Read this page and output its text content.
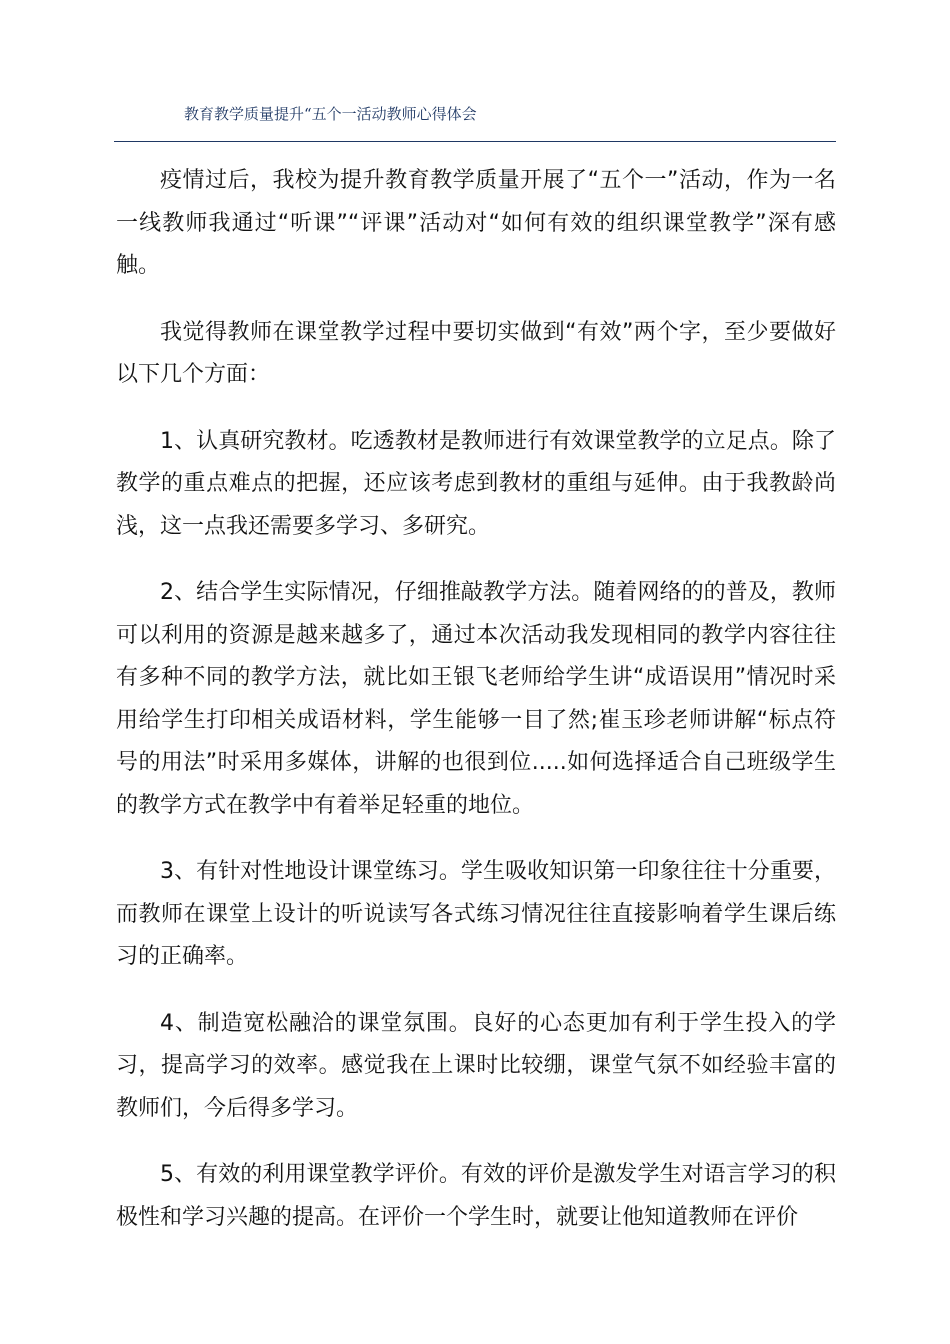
教育教学质量提升“五个一活动教师心得体会

疫情过后，我校为提升教育教学质量开展了“五个一”活动，作为一名一线教师我通过“听课”“评课”活动对“如何有效的组织课堂教学”深有感触。

我觉得教师在课堂教学过程中要切实做到“有效”两个字，至少要做好以下几个方面：

1、认真研究教材。吃透教材是教师进行有效课堂教学的立足点。除了教学的重点难点的把握，还应该考虑到教材的重组与延伸。由于我教龄尚浅，这一点我还需要多学习、多研究。

2、结合学生实际情况，仔细推敲教学方法。随着网络的的普及，教师可以利用的资源是越来越多了，通过本次活动我发现相同的教学内容往往有多种不同的教学方法，就比如王银飞老师给学生讲“成语误用”情况时采用给学生打印相关成语材料，学生能够一目了然;崔玉珍老师讲解“标点符号的用法”时采用多媒体，讲解的也很到位.....如何选择适合自己班级学生的教学方式在教学中有着举足轻重的地位。

3、有针对性地设计课堂练习。学生吸收知识第一印象往往十分重要，而教师在课堂上设计的听说读写各式练习情况往往直接影响着学生课后练习的正确率。

4、制造宽松融洽的课堂氛围。良好的心态更加有利于学生投入的学习，提高学习的效率。感觉我在上课时比较绷，课堂气氛不如经验丰富的教师们，今后得多学习。

5、有效的利用课堂教学评价。有效的评价是激发学生对语言学习的积极性和学习兴趣的提高。在评价一个学生时，就要让他知道教师在评价
